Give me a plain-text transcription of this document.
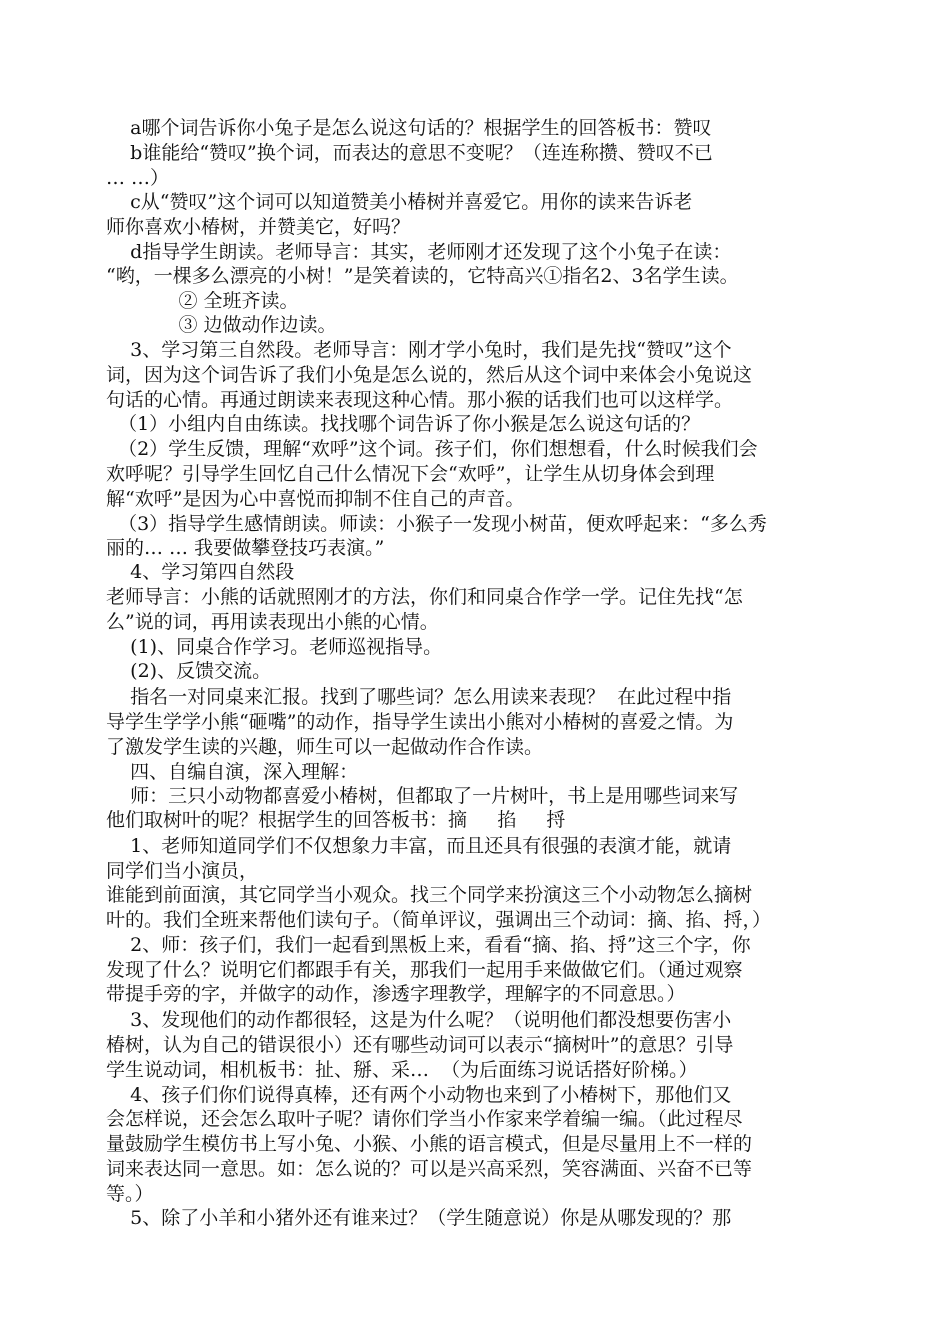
a哪个词告诉你小兔子是怎么说这句话的？根据学生的回答板书：赞叹
b谁能给“赞叹”换个词，而表达的意思不变呢？（连连称攒、赞叹不已
… …）
c从“赞叹”这个词可以知道赞美小椿树并喜爱它。用你的读来告诉老
师你喜欢小椿树，并赞美它，好吗？
d指导学生朗读。老师导言：其实，老师刚才还发现了这个小兔子在读：
“哟，一棵多么漂亮的小树！”是笑着读的，它特高兴①指名2、3名学生读。
② 全班齐读。
③ 边做动作边读。
3、学习第三自然段。老师导言：刚才学小兔时，我们是先找“赞叹”这个
词，因为这个词告诉了我们小兔是怎么说的，然后从这个词中来体会小兔说这
句话的心情。再通过朗读来表现这种心情。那小猴的话我们也可以这样学。
（1）小组内自由练读。找找哪个词告诉了你小猴是怎么说这句话的？
（2）学生反馈，理解“欢呼”这个词。孩子们，你们想想看，什么时候我们会
欢呼呢？引导学生回忆自己什么情况下会“欢呼”，让学生从切身体会到理
解“欢呼”是因为心中喜悦而抑制不住自己的声音。
（3）指导学生感情朗读。师读：小猴子一发现小树苗，便欢呼起来：“多么秀
丽的… … 我要做攀登技巧表演。”
4、学习第四自然段
老师导言：小熊的话就照刚才的方法，你们和同桌合作学一学。记住先找“怎
么”说的词，再用读表现出小熊的心情。
(1)、同桌合作学习。老师巡视指导。
(2)、反馈交流。
指名一对同桌来汇报。找到了哪些词？怎么用读来表现？  在此过程中指
导学生学学小熊“砸嘴”的动作，指导学生读出小熊对小椿树的喜爱之情。为
了激发学生读的兴趣，师生可以一起做动作合作读。
四、自编自演，深入理解：
师：三只小动物都喜爱小椿树，但都取了一片树叶，书上是用哪些词来写
他们取树叶的呢？根据学生的回答板书：摘     掐     捋
1、老师知道同学们不仅想象力丰富，而且还具有很强的表演才能，就请
同学们当小演员，
谁能到前面演，其它同学当小观众。找三个同学来扮演这三个小动物怎么摘树
叶的。我们全班来帮他们读句子。（简单评议，强调出三个动词：摘、掐、捋，）
2、师：孩子们，我们一起看到黑板上来，看看“摘、掐、捋”这三个字，你
发现了什么？说明它们都跟手有关，那我们一起用手来做做它们。（通过观察
带提手旁的字，并做字的动作，渗透字理教学，理解字的不同意思。）
3、发现他们的动作都很轻，这是为什么呢？（说明他们都没想要伤害小
椿树，认为自己的错误很小）还有哪些动词可以表示“摘树叶”的意思？引导
学生说动词，相机板书：扯、掰、采…  （为后面练习说话搭好阶梯。）
4、孩子们你们说得真棒，还有两个小动物也来到了小椿树下，那他们又
会怎样说，还会怎么取叶子呢？请你们学当小作家来学着编一编。（此过程尽
量鼓励学生模仿书上写小兔、小猴、小熊的语言模式，但是尽量用上不一样的
词来表达同一意思。如：怎么说的？可以是兴高采烈，笑容满面、兴奋不已等
等。）
5、除了小羊和小猪外还有谁来过？（学生随意说）你是从哪发现的？那
